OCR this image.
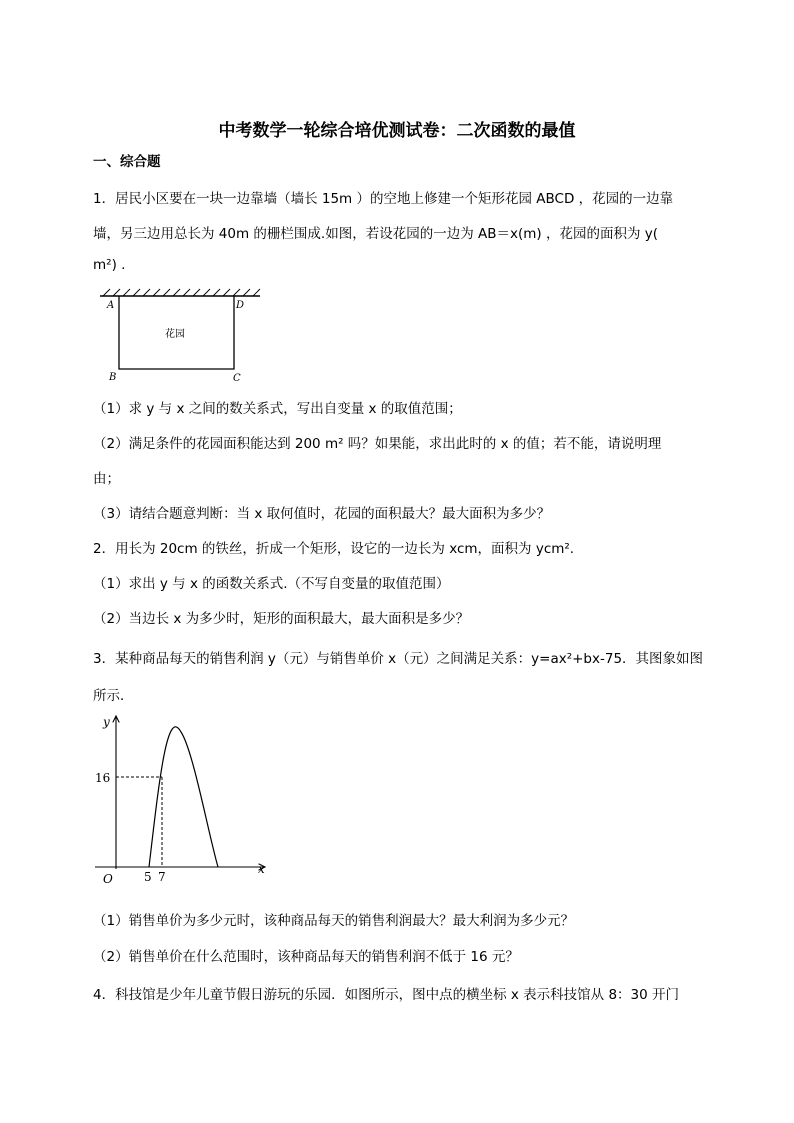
中考数学一轮综合培优测试卷：二次函数的最值
一、综合题
1．居民小区要在一块一边靠墙（墙长 15m ）的空地上修建一个矩形花园 ABCD ，花园的一边靠
墙，另三边用总长为 40m 的栅栏围成.如图，若设花园的一边为 AB＝x(m) ，花园的面积为 y(
m²) .
A	D
B	C
花园
（1）求 y 与 x 之间的数关系式，写出自变量 x 的取值范围；
（2）满足条件的花园面积能达到 200 m² 吗？如果能，求出此时的 x 的值；若不能，请说明理
由；
（3）请结合题意判断：当 x 取何值时，花园的面积最大？最大面积为多少？
2．用长为 20cm 的铁丝，折成一个矩形，设它的一边长为 xcm，面积为 ycm².
（1）求出 y 与 x 的函数关系式.（不写自变量的取值范围）
（2）当边长 x 为多少时，矩形的面积最大，最大面积是多少？
3．某种商品每天的销售利润 y（元）与销售单价 x（元）之间满足关系：y=ax²+bx-75．其图象如图
所示．
y
x
O
16
5 7
（1）销售单价为多少元时，该种商品每天的销售利润最大？最大利润为多少元？
（2）销售单价在什么范围时，该种商品每天的销售利润不低于 16 元？
4．科技馆是少年儿童节假日游玩的乐园．如图所示，图中点的横坐标 x 表示科技馆从 8：30 开门
